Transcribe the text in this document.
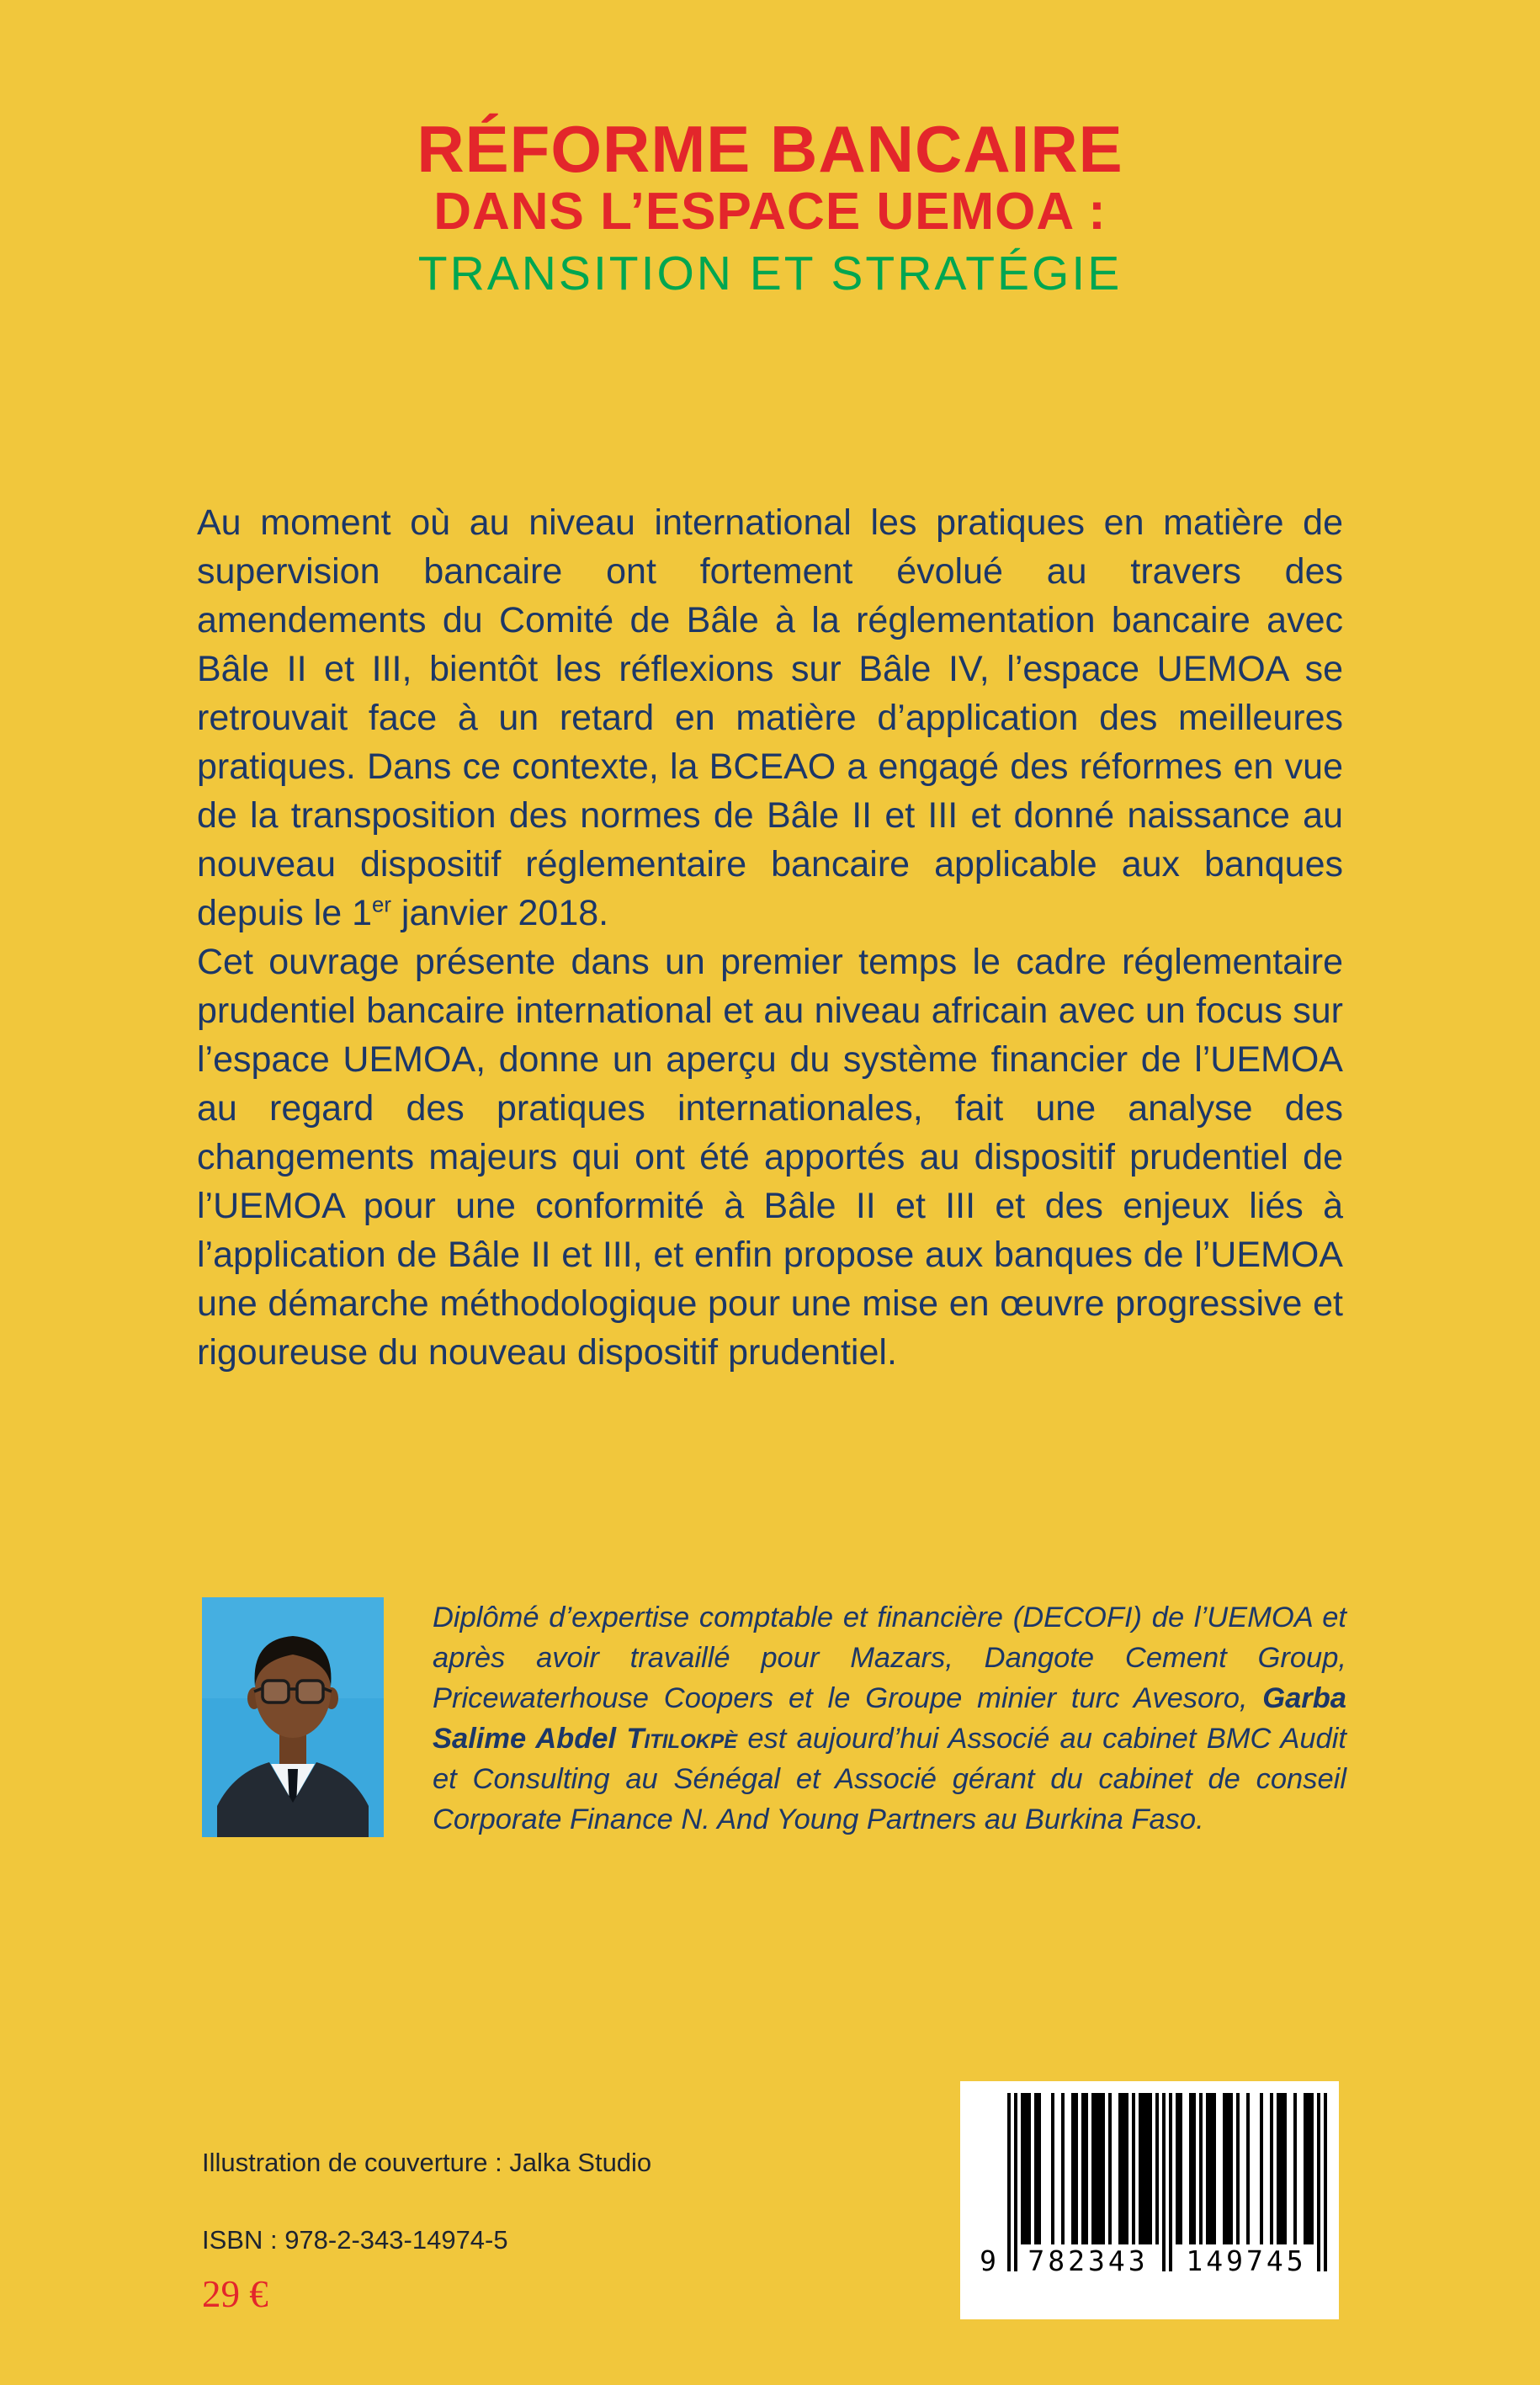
RÉFORME BANCAIRE
DANS L’ESPACE UEMOA :
TRANSITION ET STRATÉGIE

Au moment où au niveau international les pratiques en matière de supervision bancaire ont fortement évolué au travers des amendements du Comité de Bâle à la réglementation bancaire avec Bâle II et III, bientôt les réflexions sur Bâle IV, l’espace UEMOA se retrouvait face à un retard en matière d’application des meilleures pratiques. Dans ce contexte, la BCEAO a engagé des réformes en vue de la transposition des normes de Bâle II et III et donné naissance au nouveau dispositif réglementaire bancaire applicable aux banques depuis le 1er janvier 2018.

Cet ouvrage présente dans un premier temps le cadre réglementaire prudentiel bancaire international et au niveau africain avec un focus sur l’espace UEMOA, donne un aperçu du système financier de l’UEMOA au regard des pratiques internationales, fait une analyse des changements majeurs qui ont été apportés au dispositif prudentiel de l’UEMOA pour une conformité à Bâle II et III et des enjeux liés à l’application de Bâle II et III, et enfin propose aux banques de l’UEMOA une démarche méthodologique pour une mise en œuvre progressive et rigoureuse du nouveau dispositif prudentiel.

Diplômé d’expertise comptable et financière (DECOFI) de l’UEMOA et après avoir travaillé pour Mazars, Dangote Cement Group, Pricewaterhouse Coopers et le Groupe minier turc Avesoro, Garba Salime Abdel Titilokpè est aujourd’hui Associé au cabinet BMC Audit et Consulting au Sénégal et Associé gérant du cabinet de conseil Corporate Finance N. And Young Partners au Burkina Faso.

Illustration de couverture : Jalka Studio
ISBN : 978-2-343-14974-5
29 €
9	782343	149745
